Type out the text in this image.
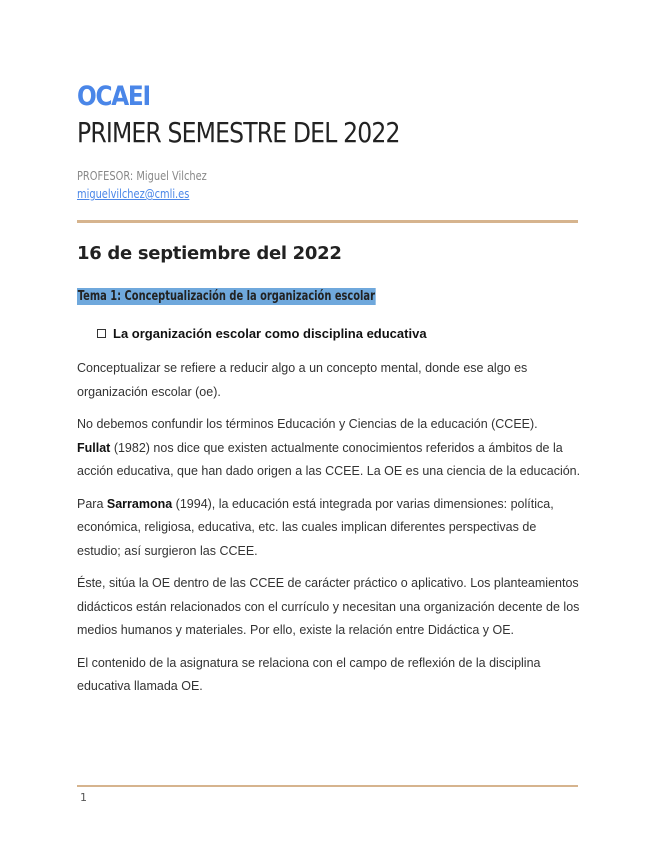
OCAEI
PRIMER SEMESTRE DEL 2022
PROFESOR: Miguel Vilchez
miguelvilchez@cmli.es
16 de septiembre del 2022
Tema 1: Conceptualización de la organización escolar
La organización escolar como disciplina educativa

Conceptualizar se refiere a reducir algo a un concepto mental, donde ese algo es organización escolar (oe).

No debemos confundir los términos Educación y Ciencias de la educación (CCEE).
Fullat (1982) nos dice que existen actualmente conocimientos referidos a ámbitos de la acción educativa, que han dado origen a las CCEE. La OE es una ciencia de la educación.

Para Sarramona (1994), la educación está integrada por varias dimensiones: política, económica, religiosa, educativa, etc. las cuales implican diferentes perspectivas de estudio; así surgieron las CCEE.

Éste, sitúa la OE dentro de las CCEE de carácter práctico o aplicativo. Los planteamientos didácticos están relacionados con el currículo y necesitan una organización decente de los medios humanos y materiales. Por ello, existe la relación entre Didáctica y OE.

El contenido de la asignatura se relaciona con el campo de reflexión de la disciplina educativa llamada OE.

1
